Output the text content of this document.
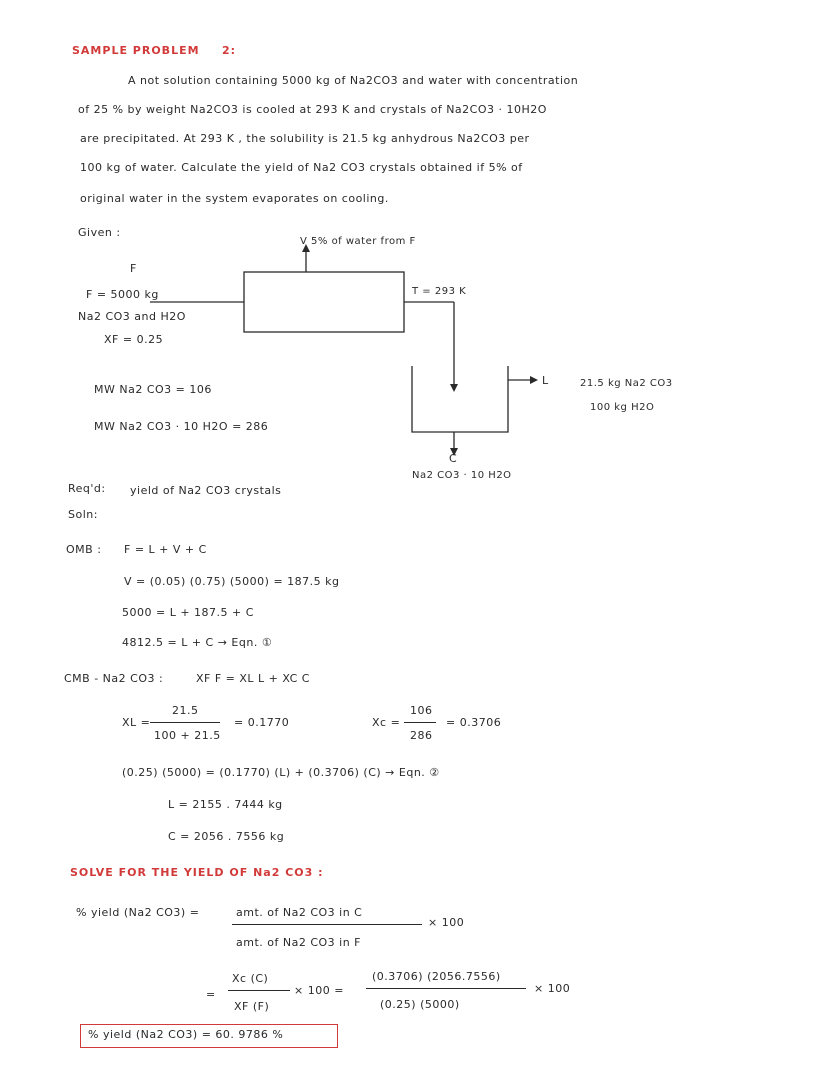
SAMPLE PROBLEM 2:
A not solution containing 5000 kg of Na2CO3 and water with concentration
of 25 % by weight Na2CO3 is cooled at 293 K and crystals of Na2CO3 · 10H2O
are precipitated. At 293 K , the solubility is 21.5 kg anhydrous Na2CO3 per
100 kg of water. Calculate the yield of Na2 CO3 crystals obtained if 5% of
original water in the system evaporates on cooling.
Given :
F
F = 5000 kg
Na2 CO3 and H2O
XF = 0.25
MW Na2 CO3 = 106
MW Na2 CO3 · 10 H2O = 286
V 5% of water from F
T = 293 K
L	21.5 kg Na2 CO3
100 kg H2O
C
Na2 CO3 · 10 H2O
Req'd: yield of Na2 CO3 crystals
Soln:
OMB : F = L + V + C
V = (0.05) (0.75) (5000) = 187.5 kg
5000 = L + 187.5 + C
4812.5 = L + C → Eqn. ①
CMB - Na2 CO3 :	XF F = XL L + XC C
XL =
21.5
100 + 21.5
= 0.1770	Xc =
106
286
= 0.3706
(0.25) (5000) = (0.1770) (L) + (0.3706) (C) → Eqn. ②
L = 2155 . 7444 kg
C = 2056 . 7556 kg
SOLVE FOR THE YIELD OF Na2 CO3 :
% yield (Na2 CO3) =	amt. of Na2 CO3 in C
amt. of Na2 CO3 in F
× 100
=
Xc (C)
XF (F)
× 100 =
(0.3706) (2056.7556)
(0.25) (5000)
× 100
% yield (Na2 CO3) = 60. 9786 %
